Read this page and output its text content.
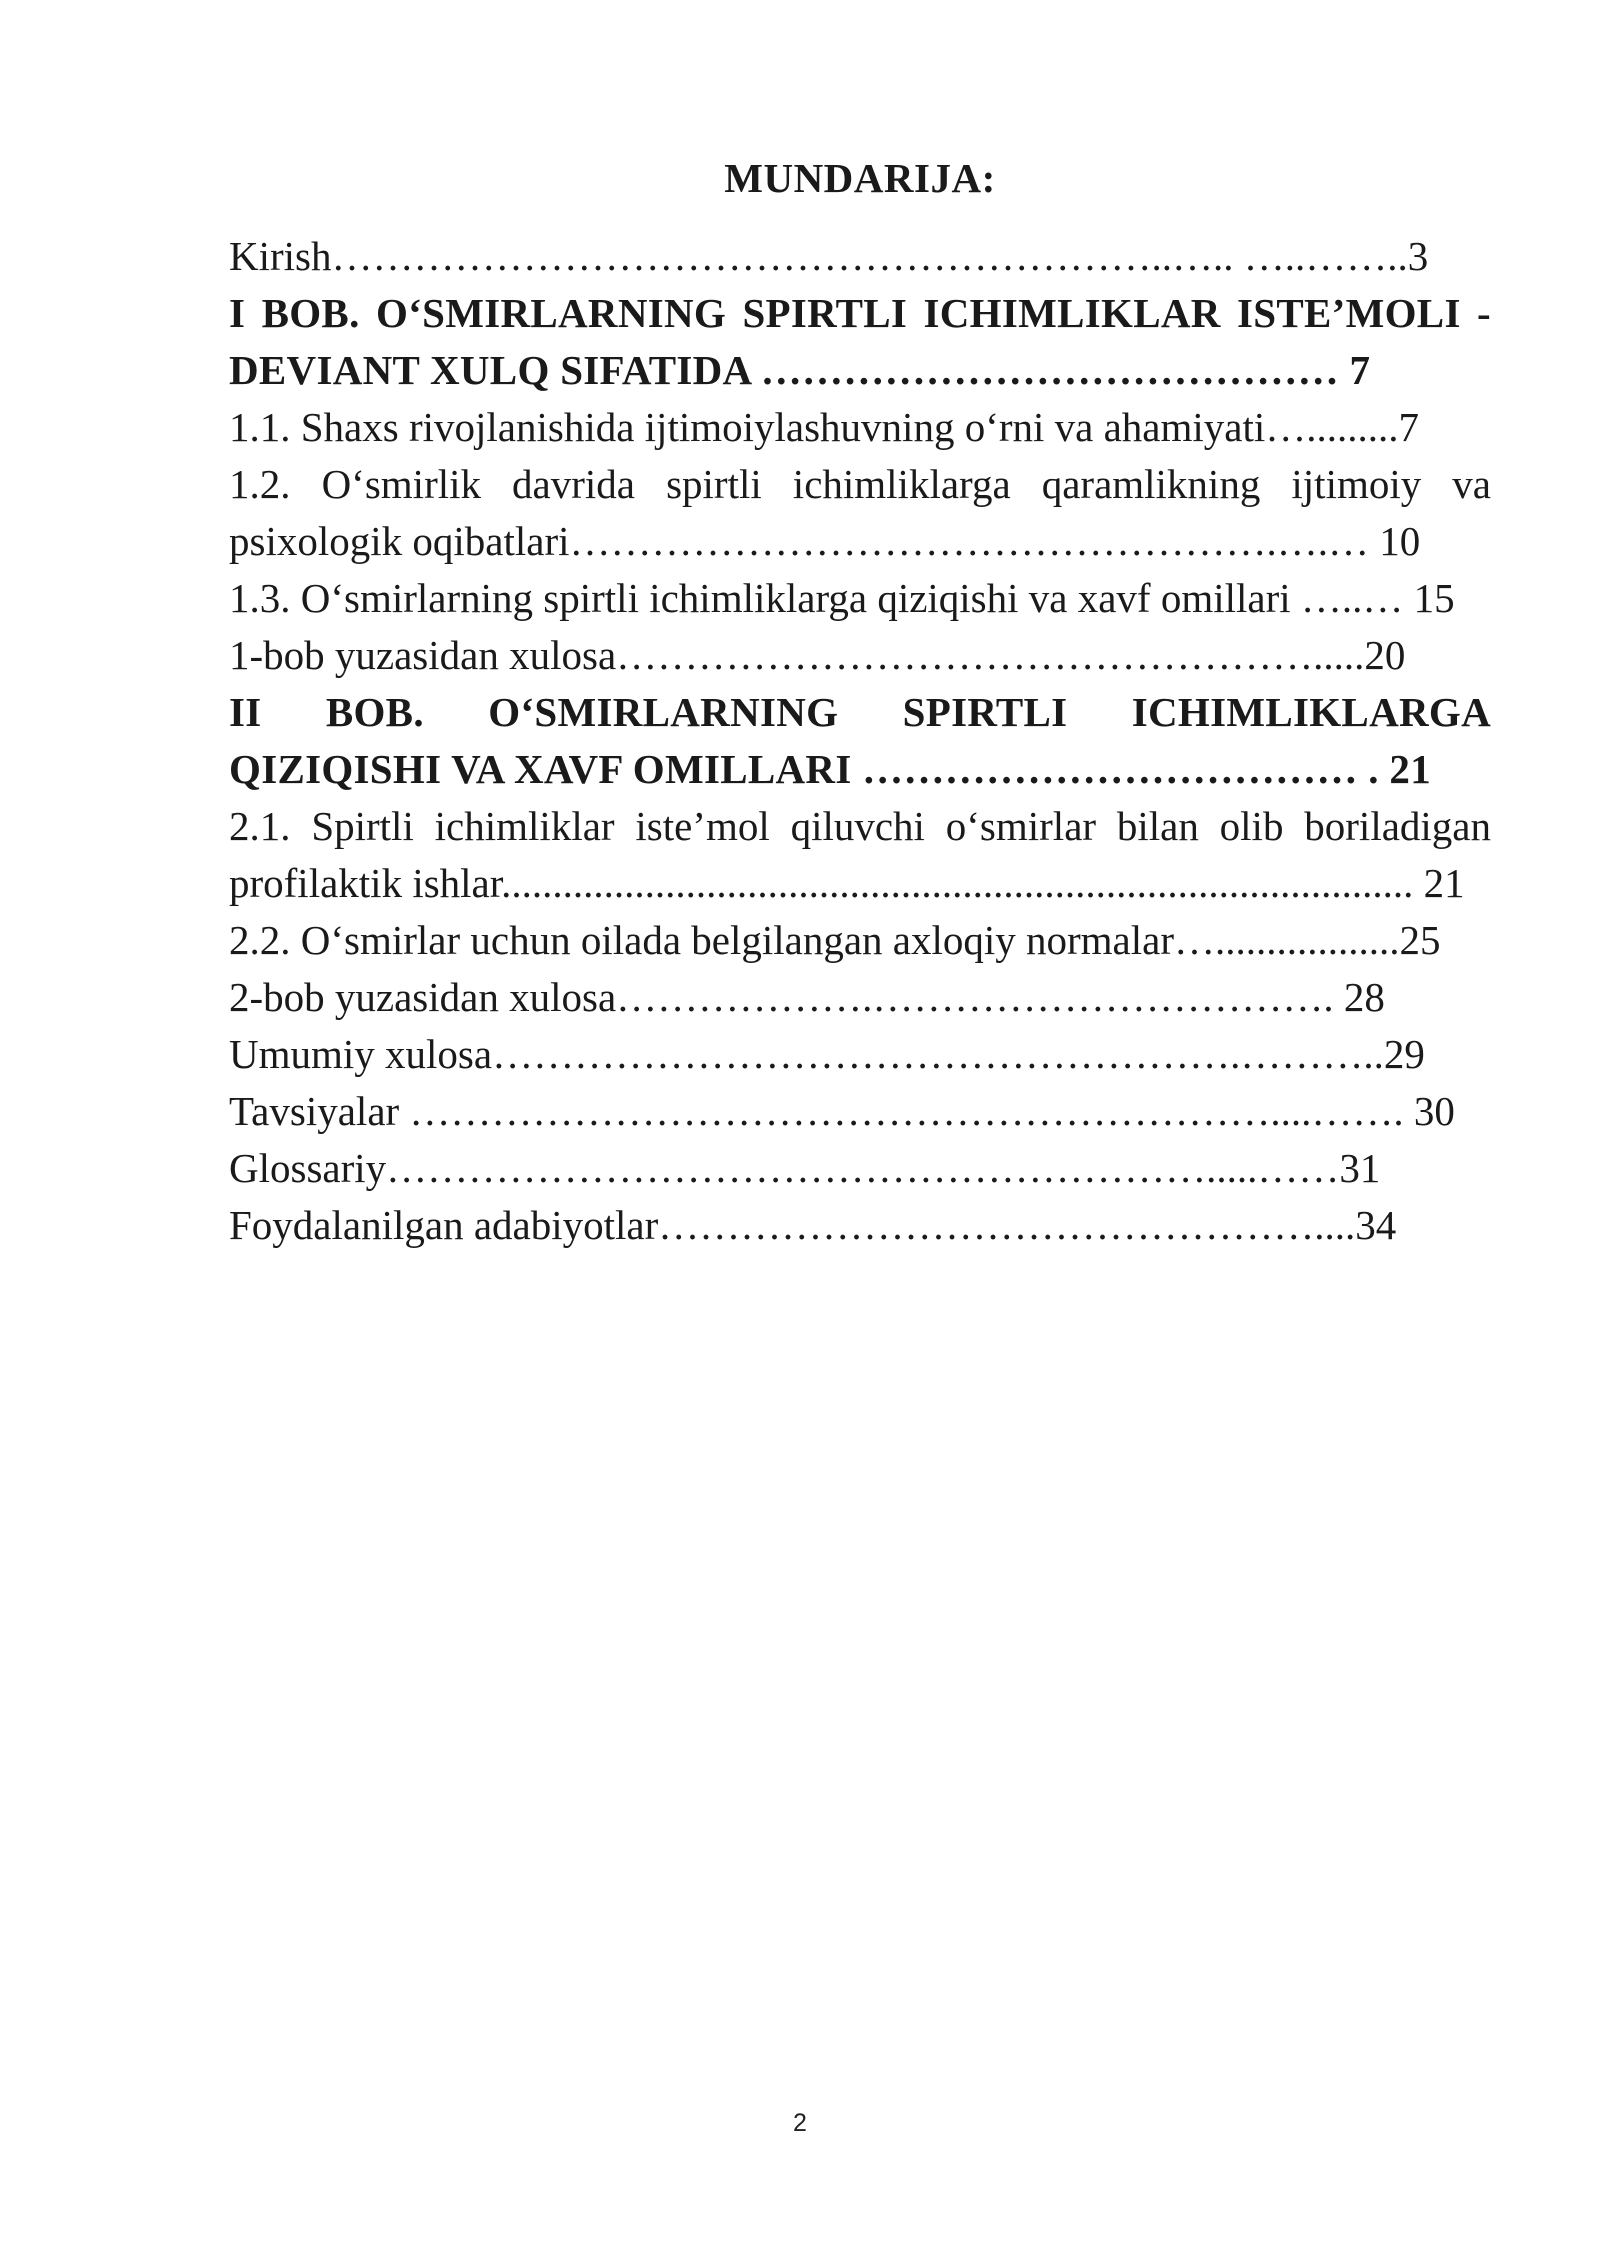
MUNDARIJA:

Kirish……………………………………………………..….. …..……..3

I BOB. O‘SMIRLARNING SPIRTLI ICHIMLIKLAR ISTE’MOLI - DEVIANT XULQ SIFATIDA …………………………………… 7

1.1. Shaxs rivojlanishida ijtimoiylashuvning o‘rni va ahamiyati….........7

1.2. O‘smirlik davrida spirtli ichimliklarga qaramlikning ijtimoiy va psixologik oqibatlari…………………………………………….….… 10

1.3. O‘smirlarning spirtli ichimliklarga qiziqishi va xavf omillari …..… 15

1-bob yuzasidan xulosa…………………………………………….....20

II BOB. O‘SMIRLARNING SPIRTLI ICHIMLIKLARGA QIZIQISHI VA XAVF OMILLARI ……………………………… . 21

2.1. Spirtli ichimliklar iste’mol qiluvchi o‘smirlar bilan olib boriladigan profilaktik ishlar......................................................................................... 21

2.2. O‘smirlar uchun oilada belgilangan axloqiy normalar…..................25

2-bob yuzasidan xulosa……………….……………………………. 28

Umumiy xulosa……………………………………………….………..29

Tavsiyalar ………………………………………………………....……. 30

Glossariy…………………………………………………….....……31

Foydalanilgan adabiyotlar…………………………………………....34

2
